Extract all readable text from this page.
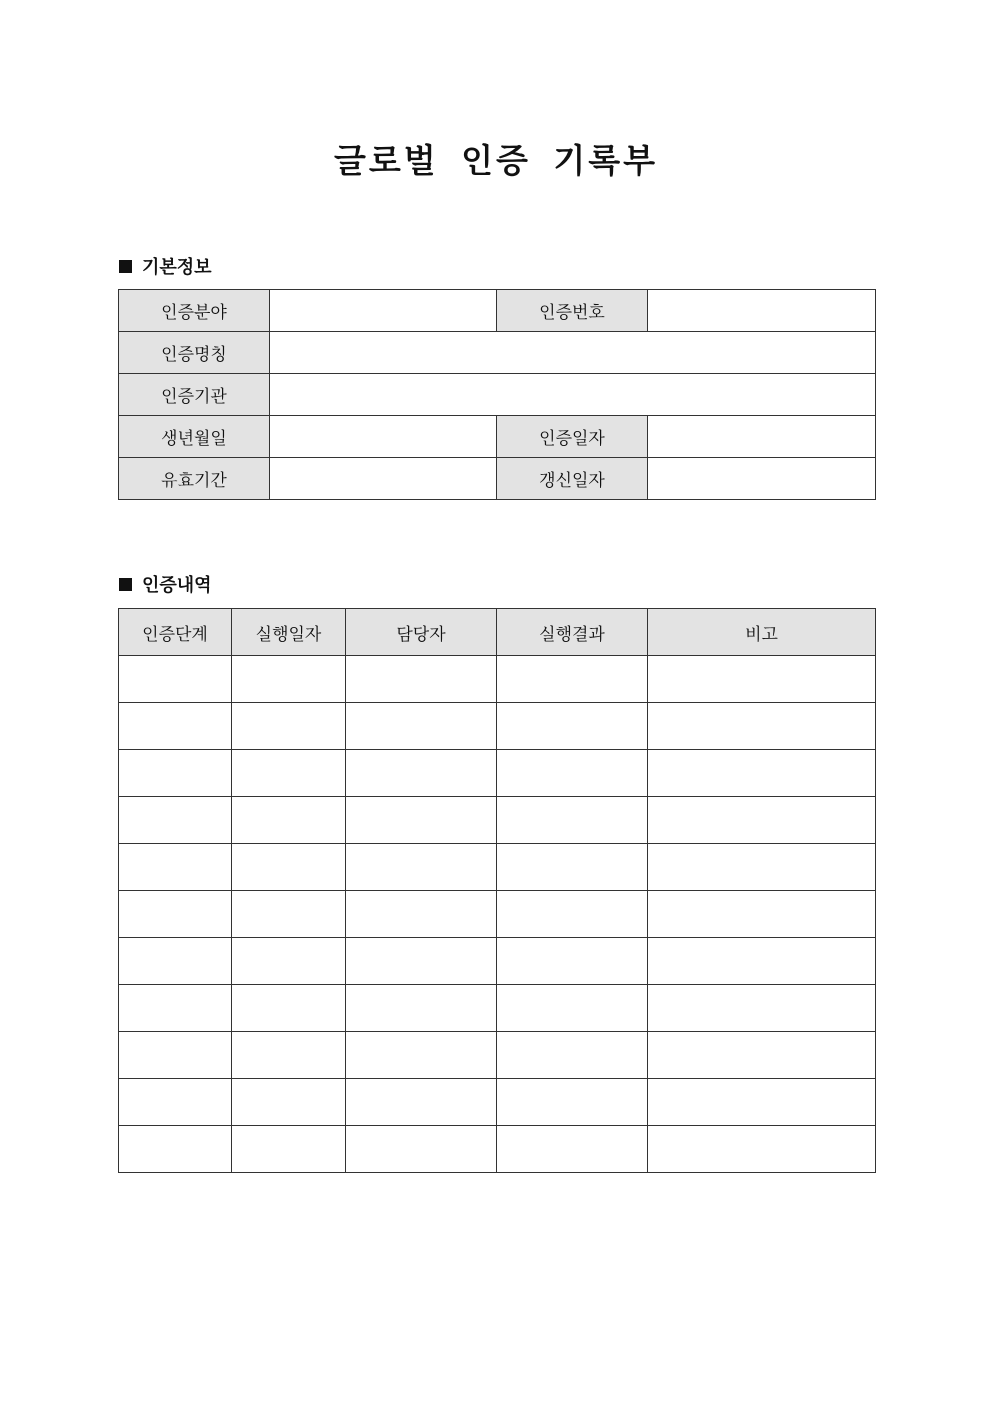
글로벌 인증 기록부
기본정보
인증분야		인증번호	
인증명칭			
인증기관			
생년월일		인증일자	
유효기간		갱신일자	
인증내역
인증단계	실행일자	담당자	실행결과	비고
